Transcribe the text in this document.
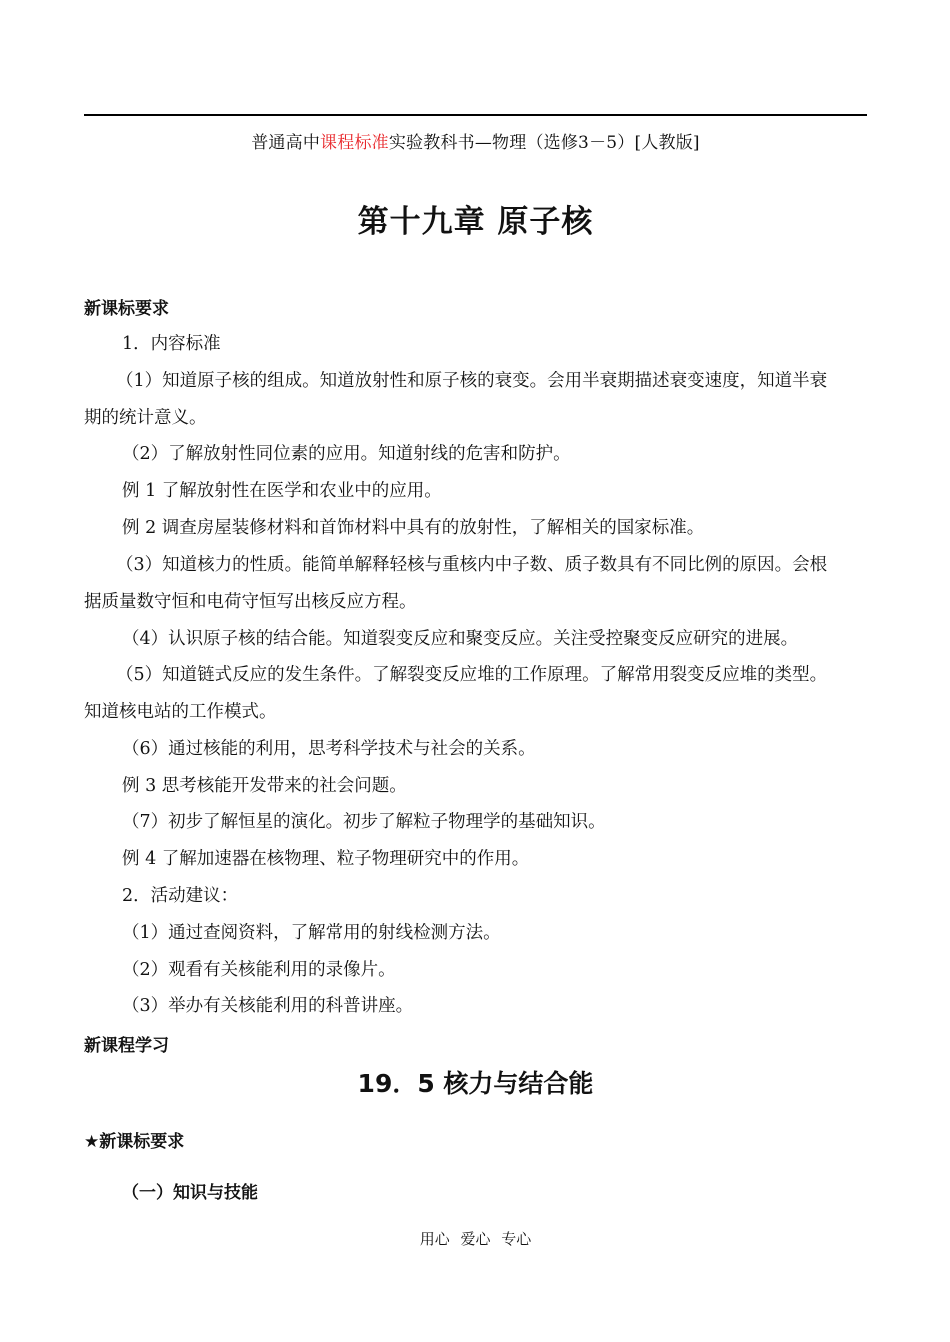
普通高中课程标准实验教科书—物理（选修3－5）[人教版]
第十九章 原子核
新课标要求
1．内容标准
（1）知道原子核的组成。知道放射性和原子核的衰变。会用半衰期描述衰变速度，知道半衰
期的统计意义。
（2）了解放射性同位素的应用。知道射线的危害和防护。
例 1 了解放射性在医学和农业中的应用。
例 2 调查房屋装修材料和首饰材料中具有的放射性，了解相关的国家标准。
（3）知道核力的性质。能简单解释轻核与重核内中子数、质子数具有不同比例的原因。会根
据质量数守恒和电荷守恒写出核反应方程。
（4）认识原子核的结合能。知道裂变反应和聚变反应。关注受控聚变反应研究的进展。
（5）知道链式反应的发生条件。了解裂变反应堆的工作原理。了解常用裂变反应堆的类型。
知道核电站的工作模式。
（6）通过核能的利用，思考科学技术与社会的关系。
例 3 思考核能开发带来的社会问题。
（7）初步了解恒星的演化。初步了解粒子物理学的基础知识。
例 4 了解加速器在核物理、粒子物理研究中的作用。
2．活动建议：
（1）通过查阅资料，了解常用的射线检测方法。
（2）观看有关核能利用的录像片。
（3）举办有关核能利用的科普讲座。
新课程学习
19．5 核力与结合能
★新课标要求
（一）知识与技能
用心 爱心 专心
